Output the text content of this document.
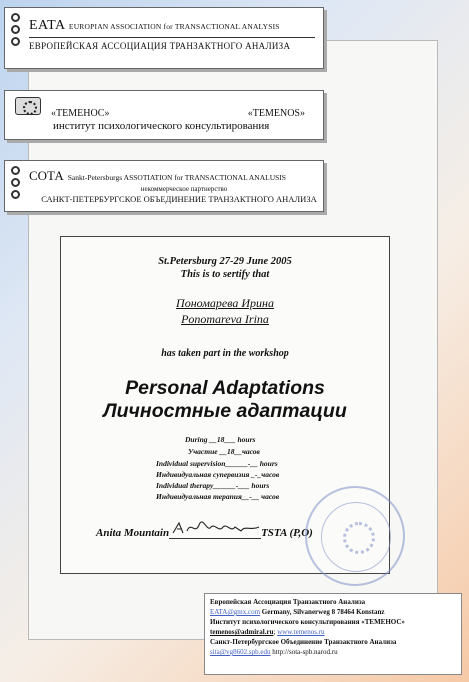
EATA EUROPIAN ASSOCIATION for TRANSACTIONAL ANALYSIS
ЕВРОПЕЙСКАЯ АССОЦИАЦИЯ ТРАНЗАКТНОГО АНАЛИЗА
«ТЕМЕНОС»	«TEMENOS»
институт психологического консультирования
СОТА Sankt-Petersburgs ASSOTIATION for TRANSACTIONAL ANALUSIS
некоммерческое партнерство
САНКТ-ПЕТЕРБУРГСКОЕ ОБЪЕДИНЕНИЕ ТРАНЗАКТНОГО АНАЛИЗА
St.Petersburg 27-29 June 2005
This is to sertify that
Пономарева Ирина
Ponomareva Irina
has taken part in the workshop
Personal Adaptations
Личностные адаптации
During __18___ hours
Участие __18__часов
Individual supervision______-__ hours
Индивидуальная супервизия _-_часов
Individual therapy______-___ hours
Индивидуальная терапия__-__ часов
Anita Mountain	TSTA (P,O)
Европейская Ассоциация Транзактного Анализа
EATA@gmx.com Germany, Silvanerweg 8 78464 Konstanz
Институт психологического консультирования «ТЕМЕНОС»
temenos@admiral.ru; www.temenos.ru
Санкт-Петербургское Объединение Транзактного Анализа
sita@vg8602.spb.edu http://sota-spb.narod.ru
